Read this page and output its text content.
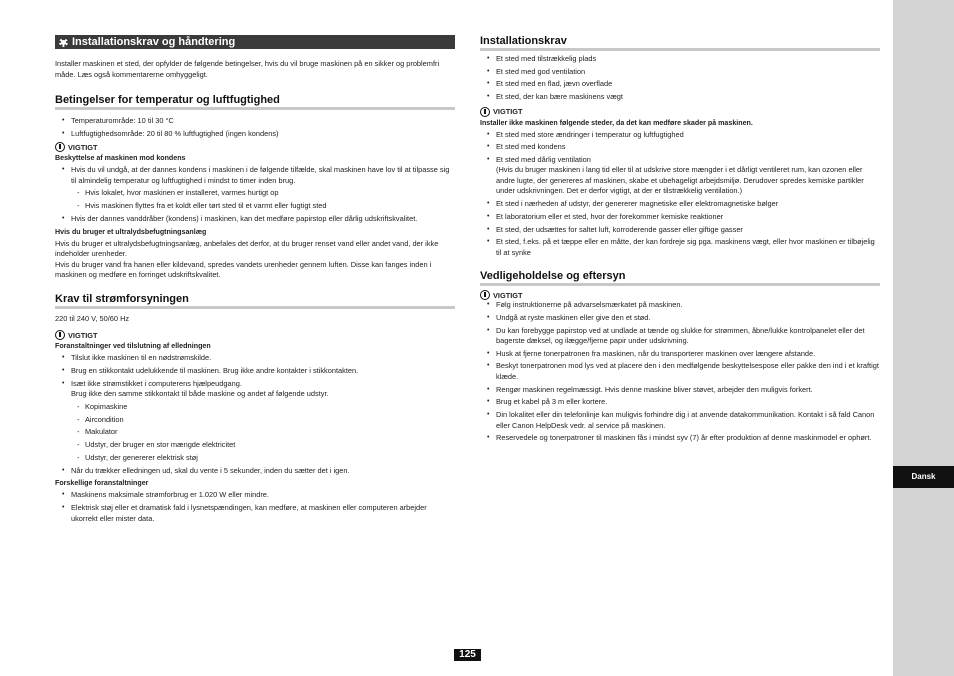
Dansk
Installationskrav og håndtering

Installer maskinen et sted, der opfylder de følgende betingelser, hvis du vil bruge maskinen på en sikker og problemfri måde. Læs også kommentarerne omhyggeligt.

Betingelser for temperatur og luftfugtighed
• Temperaturområde: 10 til 30 °C
• Luftfugtighedsområde: 20 til 80 % luftfugtighed (ingen kondens)
VIGTIGT
Beskyttelse af maskinen mod kondens
• Hvis du vil undgå, at der dannes kondens i maskinen i de følgende tilfælde, skal maskinen have lov til at tilpasse sig til almindelig temperatur og luftfugtighed i mindst to timer inden brug.
- Hvis lokalet, hvor maskinen er installeret, varmes hurtigt op
- Hvis maskinen flyttes fra et koldt eller tørt sted til et varmt eller fugtigt sted
• Hvis der dannes vanddråber (kondens) i maskinen, kan det medføre papirstop eller dårlig udskriftskvalitet.
Hvis du bruger et ultralydsbefugtningsanlæg

Hvis du bruger et ultralydsbefugtningsanlæg, anbefales det derfor, at du bruger renset vand eller andet vand, der ikke indeholder urenheder.

Hvis du bruger vand fra hanen eller kildevand, spredes vandets urenheder gennem luften. Disse kan fanges inden i maskinen og medføre en forringet udskriftskvalitet.

Krav til strømforsyningen

220 til 240 V, 50/60 Hz

VIGTIGT
Foranstaltninger ved tilslutning af elledningen
• Tilslut ikke maskinen til en nødstrømskilde.
• Brug en stikkontakt udelukkende til maskinen. Brug ikke andre kontakter i stikkontakten.
• Isæt ikke strømstikket i computerens hjælpeudgang.
Brug ikke den samme stikkontakt til både maskine og andet af følgende udstyr.
- Kopimaskine
- Aircondition
- Makulator
- Udstyr, der bruger en stor mængde elektricitet
- Udstyr, der genererer elektrisk støj
• Når du trækker elledningen ud, skal du vente i 5 sekunder, inden du sætter det i igen.
Forskellige foranstaltninger
• Maskinens maksimale strømforbrug er 1.020 W eller mindre.
• Elektrisk støj eller et dramatisk fald i lysnetspændingen, kan medføre, at maskinen eller computeren arbejder ukorrekt eller mister data.
Installationskrav
• Et sted med tilstrækkelig plads
• Et sted med god ventilation
• Et sted med en flad, jævn overflade
• Et sted, der kan bære maskinens vægt
VIGTIGT
Installer ikke maskinen følgende steder, da det kan medføre skader på maskinen.
• Et sted med store ændringer i temperatur og luftfugtighed
• Et sted med kondens
• Et sted med dårlig ventilation
(Hvis du bruger maskinen i lang tid eller til at udskrive store mængder i et dårligt ventileret rum, kan ozonen eller andre lugte, der genereres af maskinen, skabe et ubehageligt arbejdsmiljø. Derudover spredes kemiske partikler under udskrivningen. Det er derfor vigtigt, at der er tilstrækkelig ventilation.)
• Et sted i nærheden af udstyr, der genererer magnetiske eller elektromagnetiske bølger
• Et laboratorium eller et sted, hvor der forekommer kemiske reaktioner
• Et sted, der udsættes for saltet luft, korroderende gasser eller giftige gasser
• Et sted, f.eks. på et tæppe eller en måtte, der kan fordreje sig pga. maskinens vægt, eller hvor maskinen er tilbøjelig til at synke
Vedligeholdelse og eftersyn
VIGTIGT
• Følg instruktionerne på advarselsmærkatet på maskinen.
• Undgå at ryste maskinen eller give den et stød.
• Du kan forebygge papirstop ved at undlade at tænde og slukke for strømmen, åbne/lukke kontrolpanelet eller det bagerste dæksel, og ilægge/fjerne papir under udskrivning.
• Husk at fjerne tonerpatronen fra maskinen, når du transporterer maskinen over længere afstande.
• Beskyt tonerpatronen mod lys ved at placere den i den medfølgende beskyttelsespose eller pakke den ind i et kraftigt klæde.
• Rengør maskinen regelmæssigt. Hvis denne maskine bliver støvet, arbejder den muligvis forkert.
• Brug et kabel på 3 m eller kortere.
• Din lokalitet eller din telefonlinje kan muligvis forhindre dig i at anvende datakommunikation. Kontakt i så fald Canon eller Canon HelpDesk vedr. al service på maskinen.
• Reservedele og tonerpatroner til maskinen fås i mindst syv (7) år efter produktion af denne maskinmodel er ophørt.
125
